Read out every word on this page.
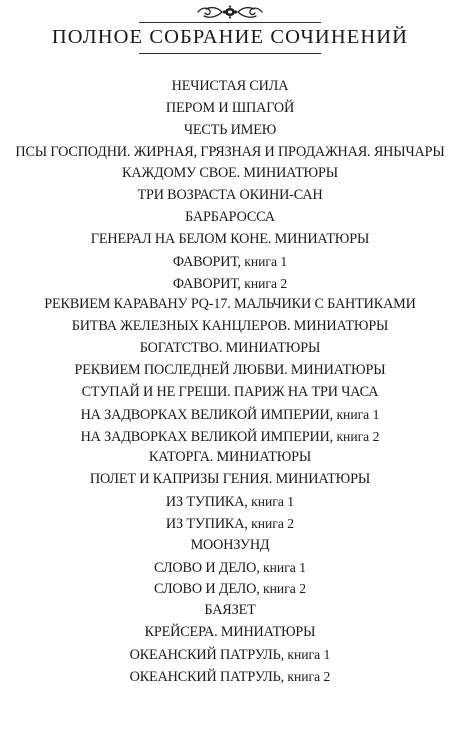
ПОЛНОЕ СОБРАНИЕ СОЧИНЕНИЙ
НЕЧИСТАЯ СИЛА
ПЕРОМ И ШПАГОЙ
ЧЕСТЬ ИМЕЮ
ПСЫ ГОСПОДНИ. ЖИРНАЯ, ГРЯЗНАЯ И ПРОДАЖНАЯ. ЯНЫЧАРЫ
КАЖДОМУ СВОЕ. МИНИАТЮРЫ
ТРИ ВОЗРАСТА ОКИНИ-САН
БАРБАРОССА
ГЕНЕРАЛ НА БЕЛОМ КОНЕ. МИНИАТЮРЫ
ФАВОРИТ, книга 1
ФАВОРИТ, книга 2
РЕКВИЕМ КАРАВАНУ PQ-17. МАЛЬЧИКИ С БАНТИКАМИ
БИТВА ЖЕЛЕЗНЫХ КАНЦЛЕРОВ. МИНИАТЮРЫ
БОГАТСТВО. МИНИАТЮРЫ
РЕКВИЕМ ПОСЛЕДНЕЙ ЛЮБВИ. МИНИАТЮРЫ
СТУПАЙ И НЕ ГРЕШИ. ПАРИЖ НА ТРИ ЧАСА
НА ЗАДВОРКАХ ВЕЛИКОЙ ИМПЕРИИ, книга 1
НА ЗАДВОРКАХ ВЕЛИКОЙ ИМПЕРИИ, книга 2
КАТОРГА. МИНИАТЮРЫ
ПОЛЕТ И КАПРИЗЫ ГЕНИЯ. МИНИАТЮРЫ
ИЗ ТУПИКА, книга 1
ИЗ ТУПИКА, книга 2
МООНЗУНД
СЛОВО И ДЕЛО, книга 1
СЛОВО И ДЕЛО, книга 2
БАЯЗЕТ
КРЕЙСЕРА. МИНИАТЮРЫ
ОКЕАНСКИЙ ПАТРУЛЬ, книга 1
ОКЕАНСКИЙ ПАТРУЛЬ, книга 2
